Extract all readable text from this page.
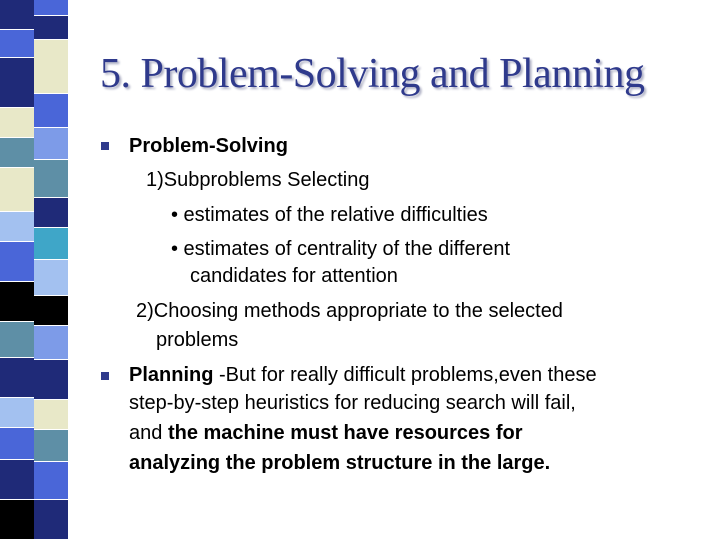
5. Problem-Solving and Planning
Problem-Solving
1)Subproblems Selecting
• estimates of the relative difficulties
• estimates of centrality of the different
candidates for attention
2)Choosing methods appropriate to the selected
problems
Planning -But for really difficult problems,even these
step-by-step heuristics for reducing search will fail,
and the machine must have resources for
analyzing the problem structure in the large.
